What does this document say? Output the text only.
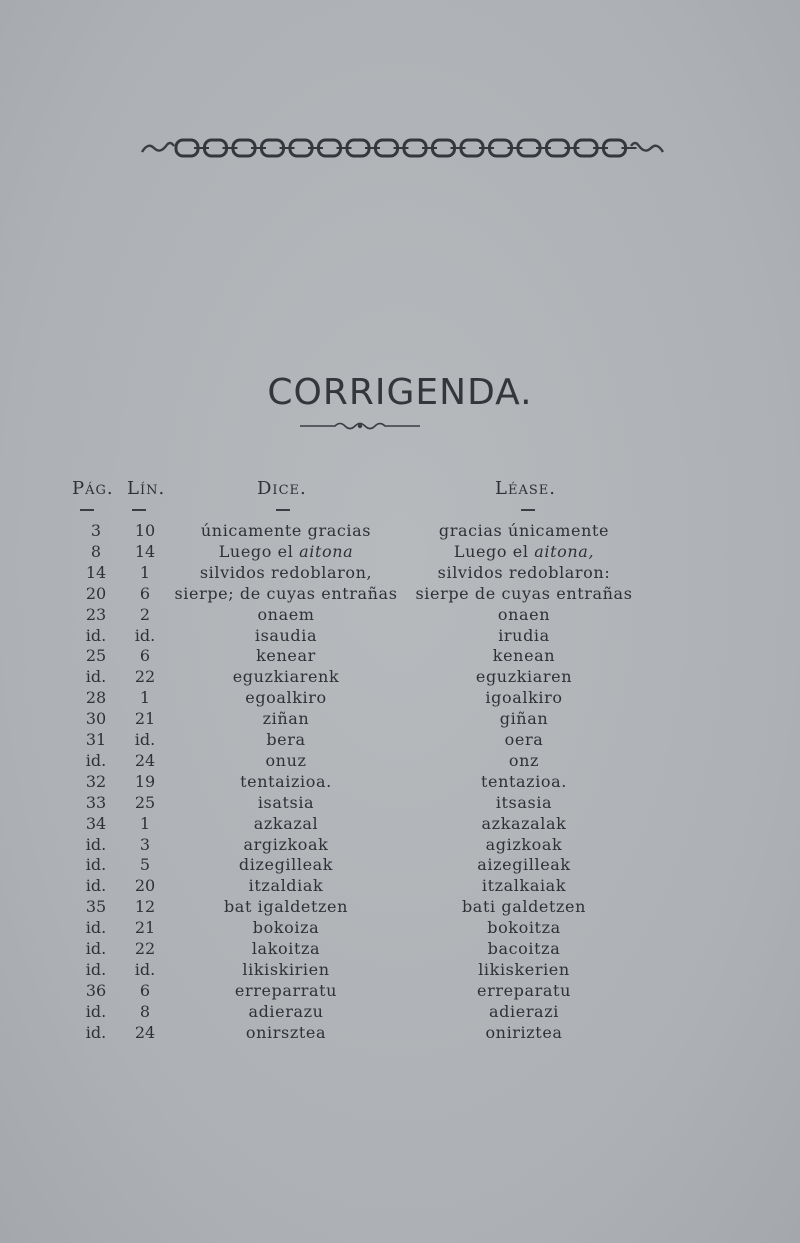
CORRIGENDA.
Pág. Lín.	Dice.	Léase.
3	10	únicamente gracias	gracias únicamente
8	14	Luego el aitona	Luego el aitona,
14	1	silvidos redoblaron,	silvidos redoblaron:
20	6	sierpe; de cuyas entrañas	sierpe de cuyas entrañas
23	2	onaem	onaen
id.	id.	isaudia	irudia
25	6	kenear	kenean
id.	22	eguzkiarenk	eguzkiaren
28	1	egoalkiro	igoalkiro
30	21	ziñan	giñan
31	id.	bera	oera
id.	24	onuz	onz
32	19	tentaizioa.	tentazioa.
33	25	isatsia	itsasia
34	1	azkazal	azkazalak
id.	3	argizkoak	agizkoak
id.	5	dizegilleak	aizegilleak
id.	20	itzaldiak	itzalkaiak
35	12	bat igaldetzen	bati galdetzen
id.	21	bokoiza	bokoitza
id.	22	lakoitza	bacoitza
id.	id.	likiskirien	likiskerien
36	6	erreparratu	erreparatu
id.	8	adierazu	adierazi
id.	24	onirsztea	oniriztea
